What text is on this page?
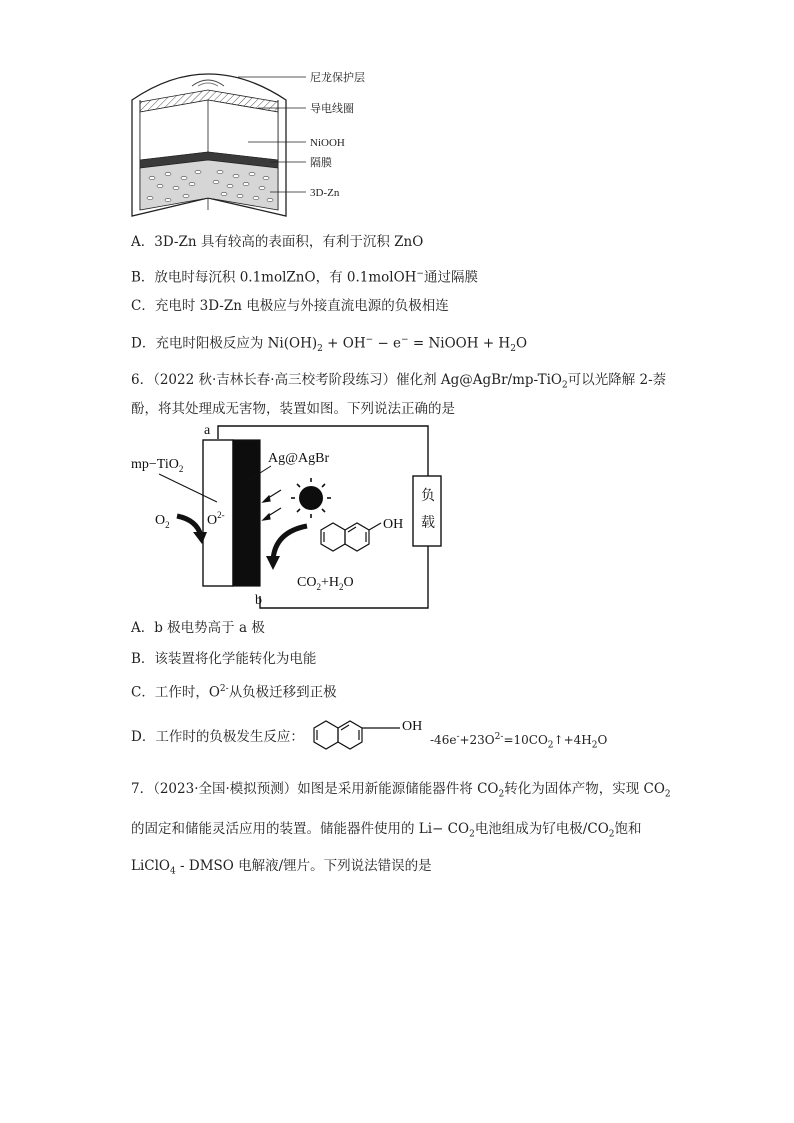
尼龙保护层
导电线圈
NiOOH
隔膜
3D-Zn
A．3D-Zn 具有较高的表面积，有利于沉积 ZnO
B．放电时每沉积 0.1molZnO，有 0.1molOH−通过隔膜
C．充电时 3D-Zn 电极应与外接直流电源的负极相连
D．充电时阳极反应为 $Ni(OH)_2 + OH^- - e^-$ = NiOOH + $H_2O$
6．（2022 秋·吉林长春·高三校考阶段练习）催化剂 Ag@AgBr/mp-TiO$_2$可以光降解 2-萘
酚，将其处理成无害物，装置如图。下列说法正确的是
负
载
a
b
mp−TiO$_2$
Ag@AgBr
$O_2$	$O^{2-}$
OH
$CO_2+H_2O$
A．b 极电势高于 a 极
B．该装置将化学能转化为电能
C．工作时，$O^{2-}$从负极迁移到正极
D．工作时的负极发生反应：
OH
$-46e^-+23O^{2-}=10CO_2↑+4H_2O$
7．（2023·全国·模拟预测）如图是采用新能源储能器件将 $CO_2$转化为固体产物，实现 $CO_2$
的固定和储能灵活应用的装置。储能器件使用的 $Li- CO_2$电池组成为钌电极$/CO_2$饱和
LiClO$_4$ - DMSO 电解液/锂片。下列说法错误的是
